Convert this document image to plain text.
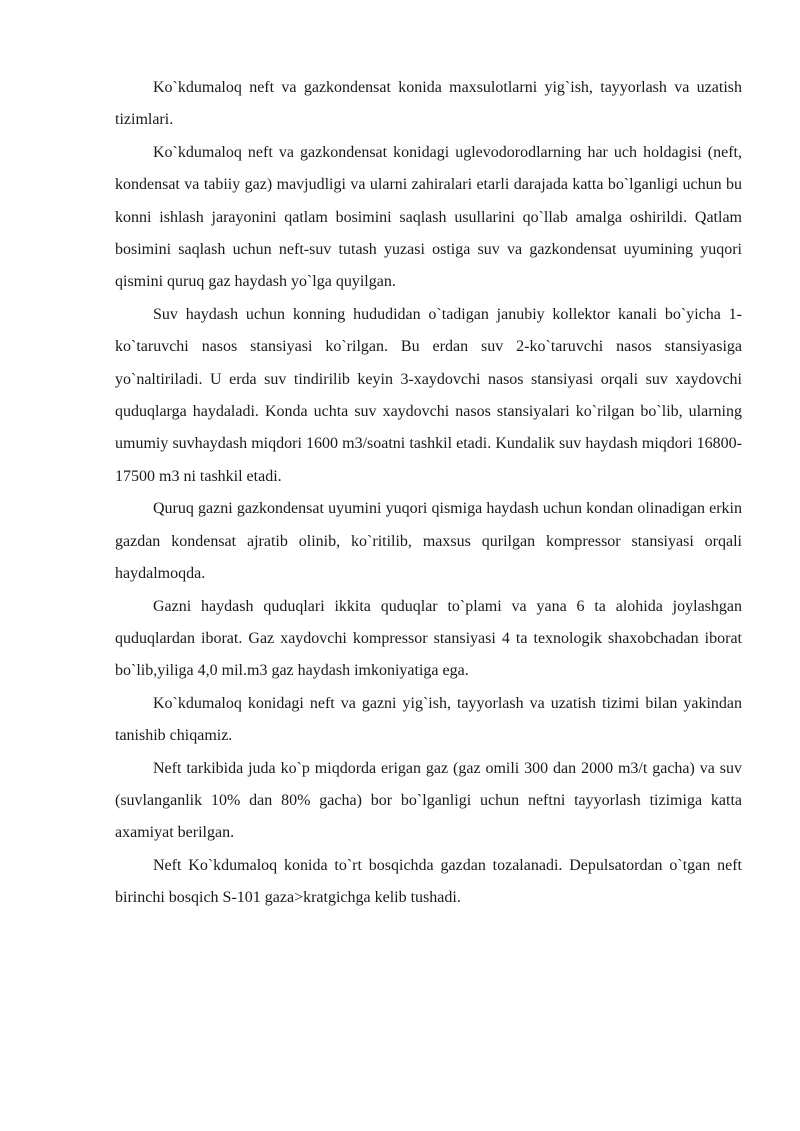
Ko`kdumaloq neft va gazkondensat konida maxsulotlarni yig`ish, tayyorlash va uzatish tizimlari.

Ko`kdumaloq neft va gazkondensat konidagi uglevodorodlarning har uch holdagisi (neft, kondensat va tabiiy gaz) mavjudligi va ularni zahiralari etarli darajada katta bo`lganligi uchun bu konni ishlash jarayonini qatlam bosimini saqlash usullarini qo`llab amalga oshirildi. Qatlam bosimini saqlash uchun neft-suv tutash yuzasi ostiga suv va gazkondensat uyumining yuqori qismini quruq gaz haydash yo`lga quyilgan.

Suv haydash uchun konning hududidan o`tadigan janubiy kollektor kanali bo`yicha 1-ko`taruvchi nasos stansiyasi ko`rilgan. Bu erdan suv 2-ko`taruvchi nasos stansiyasiga yo`naltiriladi. U erda suv tindirilib keyin 3-xaydovchi nasos stansiyasi orqali suv xaydovchi quduqlarga haydaladi. Konda uchta suv xaydovchi nasos stansiyalari ko`rilgan bo`lib, ularning umumiy suvhaydash miqdori 1600 m3/soatni tashkil etadi. Kundalik suv haydash miqdori 16800-17500 m3 ni tashkil etadi.

Quruq gazni gazkondensat uyumini yuqori qismiga haydash uchun kondan olinadigan erkin gazdan kondensat ajratib olinib, ko`ritilib, maxsus qurilgan kompressor stansiyasi orqali haydalmoqda.

Gazni haydash quduqlari ikkita quduqlar to`plami va yana 6 ta alohida joylashgan quduqlardan iborat. Gaz xaydovchi kompressor stansiyasi 4 ta texnologik shaxobchadan iborat bo`lib,yiliga 4,0 mil.m3 gaz haydash imkoniyatiga ega.

Ko`kdumaloq konidagi neft va gazni yig`ish, tayyorlash va uzatish tizimi bilan yakindan tanishib chiqamiz.

Neft tarkibida juda ko`p miqdorda erigan gaz (gaz omili 300 dan 2000 m3/t gacha) va suv (suvlanganlik 10% dan 80% gacha) bor bo`lganligi uchun neftni tayyorlash tizimiga katta axamiyat berilgan.

Neft Ko`kdumaloq konida to`rt bosqichda gazdan tozalanadi. Depulsatordan o`tgan neft birinchi bosqich S-101 gaza>kratgichga kelib tushadi.
